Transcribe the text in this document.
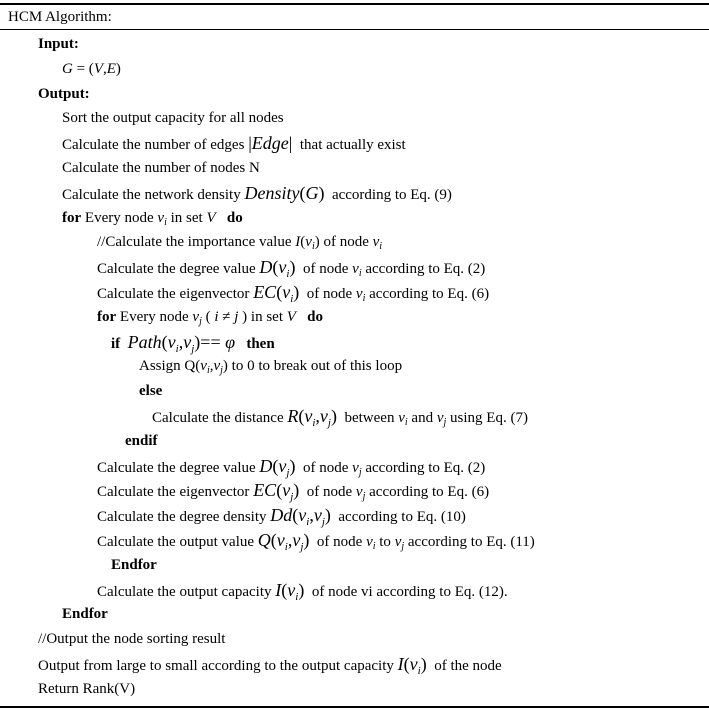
HCM Algorithm:
Input:
G = (V,E)
Output:
Sort the output capacity for all nodes
Calculate the number of edges |Edge|  that actually exist
Calculate the number of nodes N
Calculate the network density Density(G)  according to Eq. (9)
for Every node $v_i$ in set V do
//Calculate the importance value $I(v_i)$ of node $v_i$
Calculate the degree value $D(v_i)$  of node $v_i$ according to Eq. (2)
Calculate the eigenvector $EC(v_i)$  of node $v_i$ according to Eq. (6)
for Every node $v_j$ ( i ≠ j ) in set V do
if $Path(v_i,v_j)== \varphi$ then
Assign $Q(v_i,v_j)$ to 0 to break out of this loop
else
Calculate the distance $R(v_i,v_j)$  between $v_i$ and $v_j$ using Eq. (7)
endif
Calculate the degree value $D(v_j)$  of node $v_j$ according to Eq. (2)
Calculate the eigenvector $EC(v_j)$  of node $v_j$ according to Eq. (6)
Calculate the degree density $Dd(v_i,v_j)$  according to Eq. (10)
Calculate the output value $Q(v_i,v_j)$  of node $v_i$ to $v_j$ according to Eq. (11)
Endfor
Calculate the output capacity $I(v_i)$  of node vi according to Eq. (12).
Endfor
//Output the node sorting result
Output from large to small according to the output capacity $I(v_i)$  of the node
Return Rank(V)
